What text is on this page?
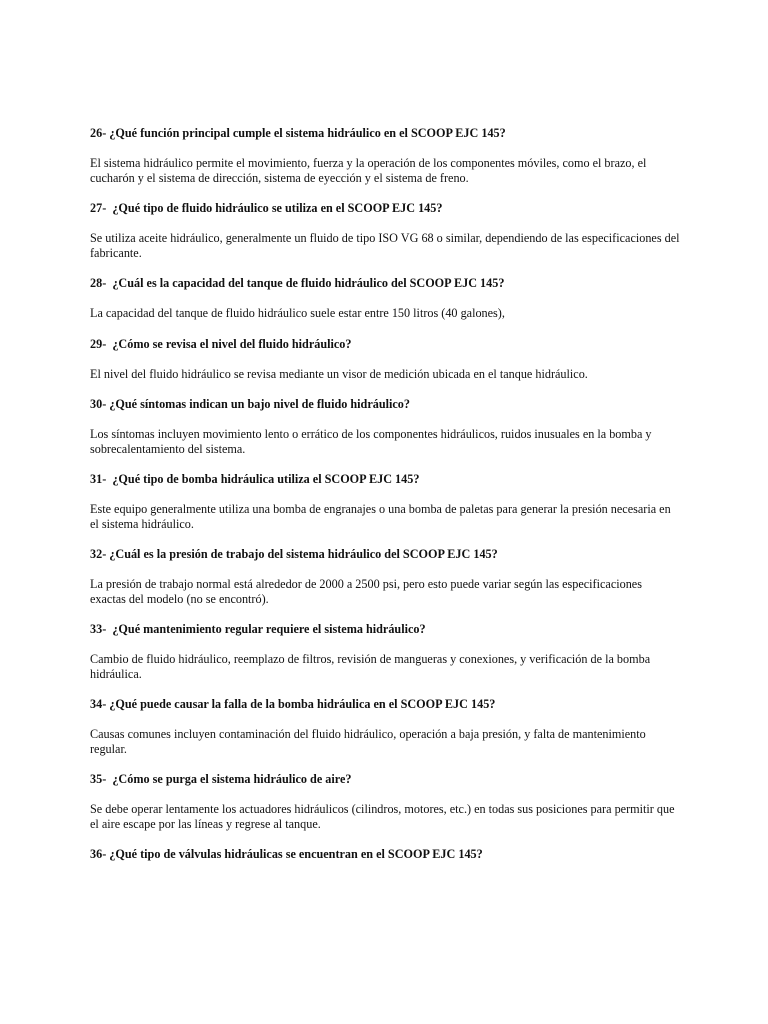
26- ¿Qué función principal cumple el sistema hidráulico en el SCOOP EJC 145?

El sistema hidráulico permite el movimiento, fuerza y la operación de los componentes móviles, como el brazo, el cucharón y el sistema de dirección, sistema de eyección y el sistema de freno.

27-  ¿Qué tipo de fluido hidráulico se utiliza en el SCOOP EJC 145?

Se utiliza aceite hidráulico, generalmente un fluido de tipo ISO VG 68 o similar, dependiendo de las especificaciones del fabricante.

28-  ¿Cuál es la capacidad del tanque de fluido hidráulico del SCOOP EJC 145?

La capacidad del tanque de fluido hidráulico suele estar entre 150 litros (40 galones),

29-  ¿Cómo se revisa el nivel del fluido hidráulico?

El nivel del fluido hidráulico se revisa mediante un visor de medición ubicada en el tanque hidráulico.

30- ¿Qué síntomas indican un bajo nivel de fluido hidráulico?

Los síntomas incluyen movimiento lento o errático de los componentes hidráulicos, ruidos inusuales en la bomba y sobrecalentamiento del sistema.

31-  ¿Qué tipo de bomba hidráulica utiliza el SCOOP EJC 145?

Este equipo generalmente utiliza una bomba de engranajes o una bomba de paletas para generar la presión necesaria en el sistema hidráulico.

32- ¿Cuál es la presión de trabajo del sistema hidráulico del SCOOP EJC 145?

La presión de trabajo normal está alrededor de 2000 a 2500 psi, pero esto puede variar según las especificaciones exactas del modelo (no se encontró).

33-  ¿Qué mantenimiento regular requiere el sistema hidráulico?

Cambio de fluido hidráulico, reemplazo de filtros, revisión de mangueras y conexiones, y verificación de la bomba hidráulica.

34- ¿Qué puede causar la falla de la bomba hidráulica en el SCOOP EJC 145?

Causas comunes incluyen contaminación del fluido hidráulico, operación a baja presión, y falta de mantenimiento regular.

35-  ¿Cómo se purga el sistema hidráulico de aire?

Se debe operar lentamente los actuadores hidráulicos (cilindros, motores, etc.) en todas sus posiciones para permitir que el aire escape por las líneas y regrese al tanque.

36- ¿Qué tipo de válvulas hidráulicas se encuentran en el SCOOP EJC 145?
